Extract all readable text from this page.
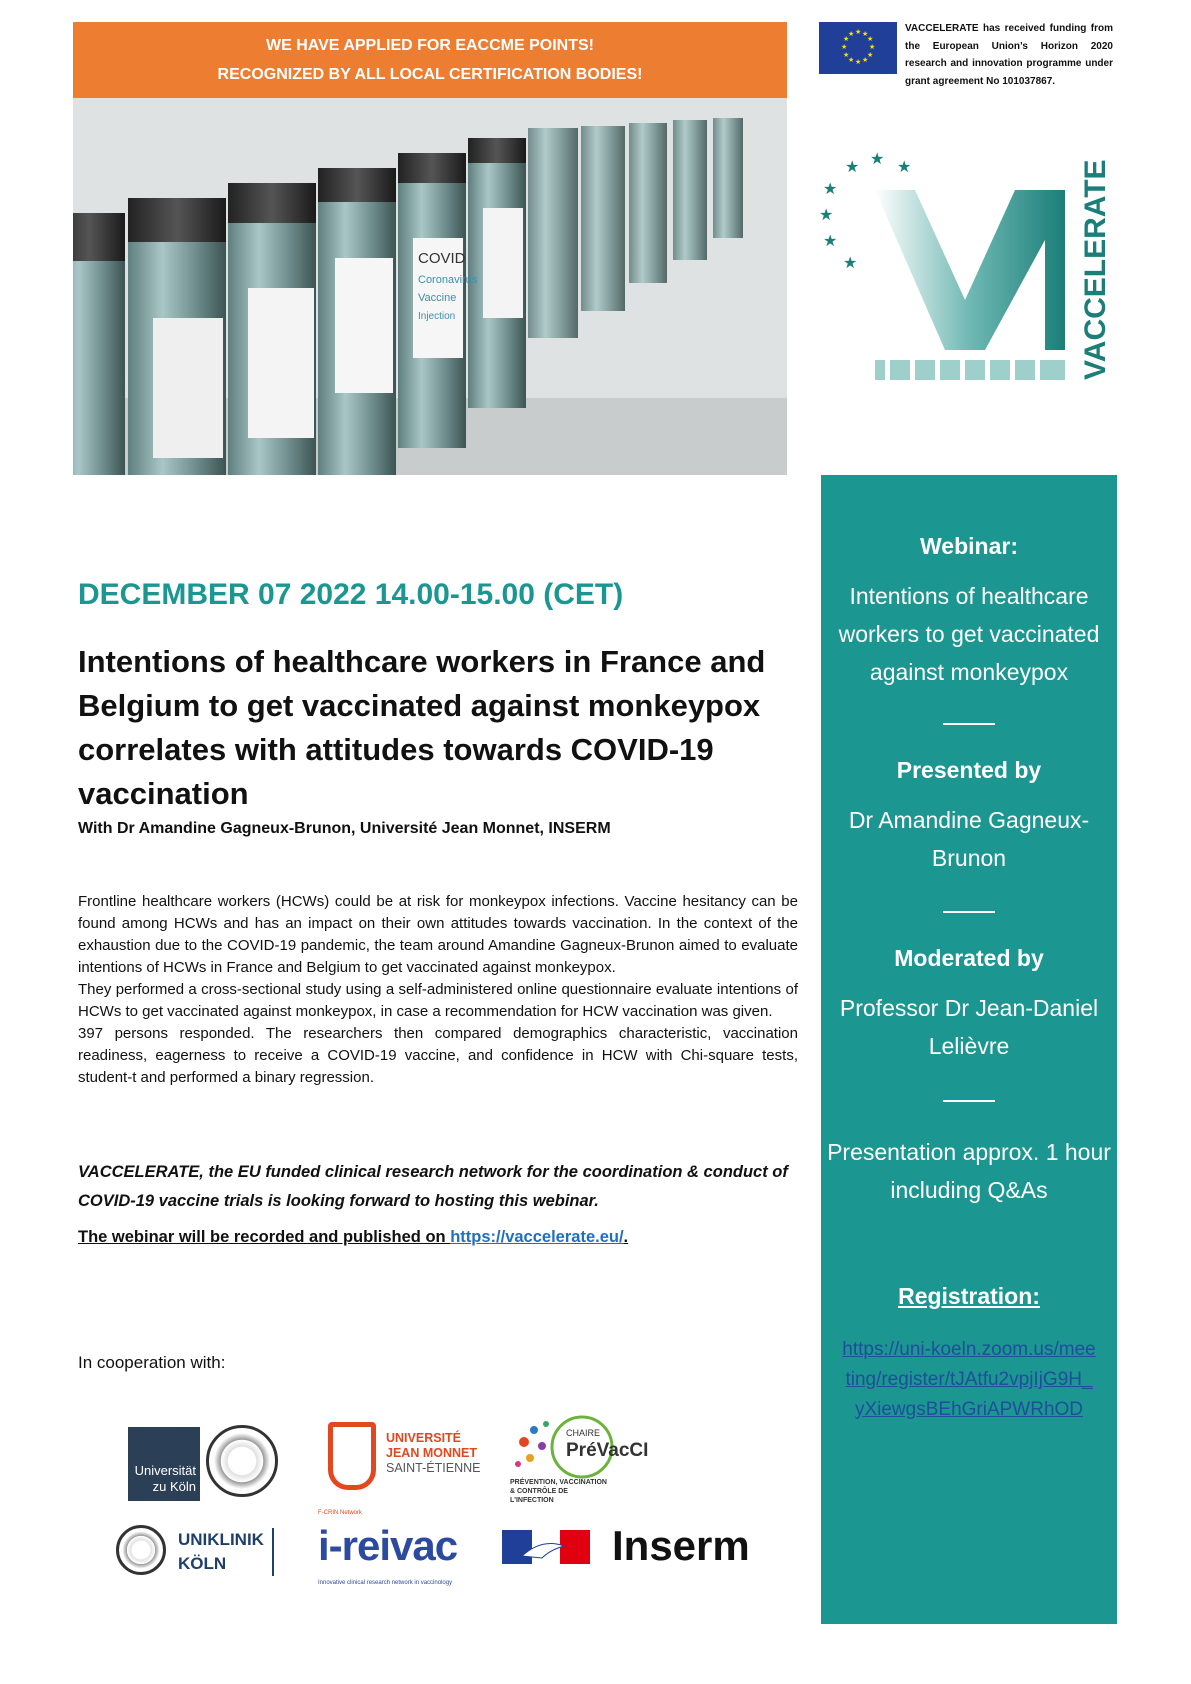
WE HAVE APPLIED FOR EACCME POINTS!
RECOGNIZED BY ALL LOCAL CERTIFICATION BODIES!
COVID
Coronavirus
Vaccine
Injection
★ ★
★
★
★
★
★
★
★
★
★
★	VACCELERATE has received funding from the European Union’s Horizon 2020 research and innovation programme under grant agreement No 101037867.
★ ★ ★
★
★
★
★	VACCELERATE
Webinar:
Intentions of healthcare workers to get vaccinated against monkeypox
Presented by
Dr Amandine Gagneux-Brunon
Moderated by
Professor Dr Jean-Daniel Lelièvre
Presentation approx. 1 hour including Q&As
Registration:
https://uni-koeln.zoom.us/meeting/register/tJAtfu2vpjIjG9H_yXiewgsBEhGriAPWRhOD
DECEMBER 07 2022 14.00-15.00 (CET)
Intentions of healthcare workers in France and Belgium to get vaccinated against monkeypox correlates with attitudes towards COVID-19 vaccination
With Dr Amandine Gagneux-Brunon, Université Jean Monnet, INSERM

Frontline healthcare workers (HCWs) could be at risk for monkeypox infections. Vaccine hesitancy can be found among HCWs and has an impact on their own attitudes towards vaccination. In the context of the exhaustion due to the COVID-19 pandemic, the team around Amandine Gagneux-Brunon aimed to evaluate intentions of HCWs in France and Belgium to get vaccinated against monkeypox.

They performed a cross-sectional study using a self-administered online questionnaire evaluate intentions of HCWs to get vaccinated against monkeypox, in case a recommendation for HCW vaccination was given.

397 persons responded. The researchers then compared demographics characteristic, vaccination readiness, eagerness to receive a COVID-19 vaccine, and confidence in HCW with Chi-square tests, student-t and performed a binary regression.

VACCELERATE, the EU funded clinical research network for the coordination & conduct of COVID-19 vaccine trials is looking forward to hosting this webinar.
The webinar will be recorded and published on https://vaccelerate.eu/.
In cooperation with:
Universität zu Köln
UNIVERSITÉ
JEAN MONNET
SAINT-ÉTIENNE
CHAIRE
PréVacCI
PRÉVENTION, VACCINATION & CONTRÔLE DE L'INFECTION
UNIKLINIK
KÖLN
F-CRIN Network
i-reivac
Innovative clinical research network in vaccinology
Inserm
